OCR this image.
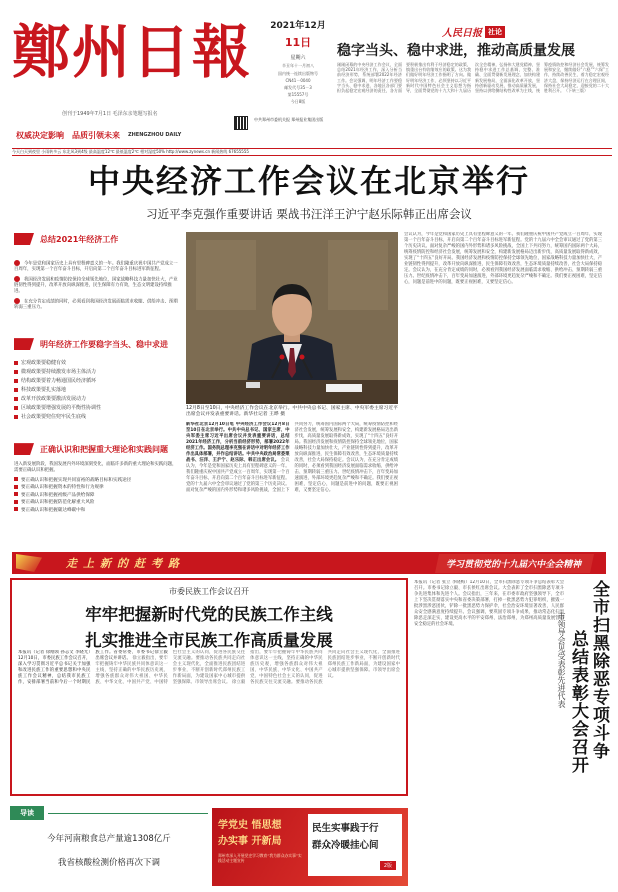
鄭州日報
创刊于1949年7月1日 毛泽东亲笔题写报名
2021年12月
11日
星期六
辛丑年十一月初八
国内统一连续出版物号
CN41－0040
邮发代号35－3
第15557号
今日8版
权威决定影响 品质引领未来 ZHENGZHOU DAILY
中共郑州市委机关报 郑州报业集团出版
人民日报 社论
稳字当头、稳中求进，推动高质量发展
刚刚闭幕的中央经济工作会议，全面总结2021年经济工作，深入分析当前经济形势，系统部署2022年经济工作。会议强调，明年经济工作要稳字当头、稳中求进，各地区各部门要担负起稳定宏观经济的责任，各方面要积极推出有利于经济稳定的政策，慎重出台有收缩效应的政策。这为我们做好明年经济工作指明了方向。做好明年经济工作，必须坚持以习近平新时代中国特色社会主义思想为指导，全面贯彻党的十九大和十九届历次全会精神，弘扬伟大建党精神，坚持稳中求进工作总基调，完整、准确、全面贯彻新发展理念，加快构建新发展格局，全面深化改革开放，坚持创新驱动发展，推动高质量发展，坚持以供给侧结构性改革为主线，统筹疫情防控和经济社会发展，统筹发展和安全，继续做好“六稳”“六保”工作，持续改善民生，着力稳定宏观经济大盘，保持经济运行在合理区间，保持社会大局稳定，迎接党的二十大胜利召开。（下转三版）
今天白天到夜里 小雨转多云 东北风3到4级 最高温度12℃ 最低温度2℃ 相对湿度50% http://www.zynews.cn 新闻热线 67655555
中央经济工作会议在北京举行
习近平李克强作重要讲话 栗战书汪洋王沪宁赵乐际韩正出席会议
总结2021年经济工作
今年是党和国家历史上具有里程碑意义的一年。我们隆重庆祝中国共产党成立一百周年，实现第一个百年奋斗目标，开启向第二个百年奋斗目标进军新征程。
我国经济发展和疫情防控保持全球领先地位，国家战略科技力量加快壮大，产业链韧性得到提升，改革开放向纵深推进，民生保障有力有效，生态文明建设持续推进。
在充分肯定成绩的同时，必须看到我国经济发展面临需求收缩、供给冲击、预期转弱三重压力。
明年经济工作要稳字当头、稳中求进
宏观政策要稳健有效
微观政策要持续激发市场主体活力
结构政策要着力畅通国民经济循环
科技政策要扎实落地
改革开放政策要激活发展动力
区域政策要增强发展的平衡性协调性
社会政策要兜住兜牢民生底线
正确认识和把握重大理论和实践问题
进入新发展阶段，我国发展内外环境深刻变化，面临许多新的重大理论和实践问题，需要正确认识和把握。
要正确认识和把握实现共同富裕的战略目标和实践途径
要正确认识和把握资本的特性和行为规律
要正确认识和把握初级产品供给保障
要正确认识和把握防范化解重大风险
要正确认识和把握碳达峰碳中和
12月8日至10日，中央经济工作会议在北京举行。中共中央总书记、国家主席、中央军委主席习近平出席会议并发表重要讲话。新华社记者 王晔 摄
会议认为，今年是党和国家历史上具有里程碑意义的一年。我们隆重庆祝中国共产党成立一百周年，实现第一个百年奋斗目标，开启向第二个百年奋斗目标进军新征程。党的十九届六中全会审议通过了党的第三个历史决议。面对复杂严峻的国内外形势和诸多风险挑战，全国上下共同努力，统筹国内国际两个大局，统筹疫情防控和经济社会发展，统筹发展和安全，构建新发展格局迈出新步伐，高质量发展取得新成效，实现了“十四五”良好开局。我国经济发展和疫情防控保持全球领先地位，国家战略科技力量加快壮大，产业链韧性得到提升，改革开放向纵深推进，民生保障有效改善，生态环境质量持续改善，社会大局保持稳定。会议认为，在充分肯定成绩的同时，必须看到我国经济发展面临需求收缩、供给冲击、预期转弱三重压力。世纪疫情冲击下，百年变局加速演进，外部环境更趋复杂严峻和不确定。我们要正视困难，坚定信心，问题是前进中的问题，既要正视困难，又要坚定信心。
新华社北京12月10日电 中央经济工作会议12月8日至10日在北京举行。中共中央总书记、国家主席、中央军委主席习近平出席会议并发表重要讲话，总结2021年经济工作，分析当前经济形势，部署2022年经济工作。国务院总理李克强在讲话中对明年经济工作作出具体部署，并作总结讲话。中共中央政治局常委栗战书、汪洋、王沪宁、赵乐际、韩正出席会议。 会议认为，今年是党和国家历史上具有里程碑意义的一年。我们隆重庆祝中国共产党成立一百周年，实现第一个百年奋斗目标，开启向第二个百年奋斗目标进军新征程。党的十九届六中全会审议通过了党的第三个历史决议。面对复杂严峻的国内外形势和诸多风险挑战，全国上下共同努力，统筹国内国际两个大局，统筹疫情防控和经济社会发展，统筹发展和安全，构建新发展格局迈出新步伐，高质量发展取得新成效，实现了“十四五”良好开局。我国经济发展和疫情防控保持全球领先地位，国家战略科技力量加快壮大，产业链韧性得到提升，改革开放向纵深推进，民生保障有效改善，生态环境质量持续改善，社会大局保持稳定。会议认为，在充分肯定成绩的同时，必须看到我国经济发展面临需求收缩、供给冲击、预期转弱三重压力。世纪疫情冲击下，百年变局加速演进，外部环境更趋复杂严峻和不确定。我们要正视困难，坚定信心，问题是前进中的问题，既要正视困难，又要坚定信心。
走上新的赶考路	学习贯彻党的十九届六中全会精神
市委民族工作会议召开
牢牢把握新时代党的民族工作主线
扎实推进全市民族工作高质量发展
本报讯（记者 徐刚领 孙志文 李晓光）12月10日，市委民族工作会议召开，深入学习贯彻习近平总书记关于加强和改进民族工作的重要思想和中央民族工作会议精神，总结我市民族工作，安排部署当前和今后一个时期民族工作。省委常委、市委书记徐立毅出席会议并讲话。 徐立毅指出，要牢牢把握铸牢中华民族共同体意识这一主线，坚持正确的中华民族历史观，增强各族群众对伟大祖国、中华民族、中华文化、中国共产党、中国特色社会主义的认同，促进各民族交往交流交融。要推动各民族共同走向社会主义现代化，全面推进民族团结进步事业，不断开创新时代郑州民族工作新局面，为建设国家中心城市提供坚强保障。市领导出席会议。 徐立毅指出，要牢牢把握铸牢中华民族共同体意识这一主线，坚持正确的中华民族历史观，增强各族群众对伟大祖国、中华民族、中华文化、中国共产党、中国特色社会主义的认同，促进各民族交往交流交融。要推动各民族共同走向社会主义现代化，全面推进民族团结进步事业，不断开创新时代郑州民族工作新局面，为建设国家中心城市提供坚强保障。市领导出席会议。
本报讯（记者 张立 李晓梅）12月10日，全市扫黑除恶专项斗争总结表彰大会召开。市委书记徐立毅、市长侯红出席会议。大会表彰了全市扫黑除恶专项斗争先进集体和先进个人。会议指出，三年来，在市委市政府坚强领导下，全市上下坚决贯彻落实中央和省委决策部署，打掉一批黑恶势力犯罪组织，摧毁一批涉黑涉恶团伙，铲除一批黑恶势力保护伞，社会治安环境显著改善，人民群众安全感满意度持续提升。会议强调，要巩固专项斗争成果，推动常态化扫黑除恶走深走实，建设更高水平的平安郑州、法治郑州，为郑州高质量发展营造安全稳定的社会环境。	全市扫黑除恶专项斗争
总结表彰大会召开
市领导会见受表彰先进代表
导读
今年河南粮食总产量逾1308亿斤
我省核酸检测价格再次下调
学党史 悟思想
办实事 开新局
郑州市深入开展党史学习教育“我为群众办实事”实践活动主题宣传
民生实事践于行
群众冷暖挂心间
2版
